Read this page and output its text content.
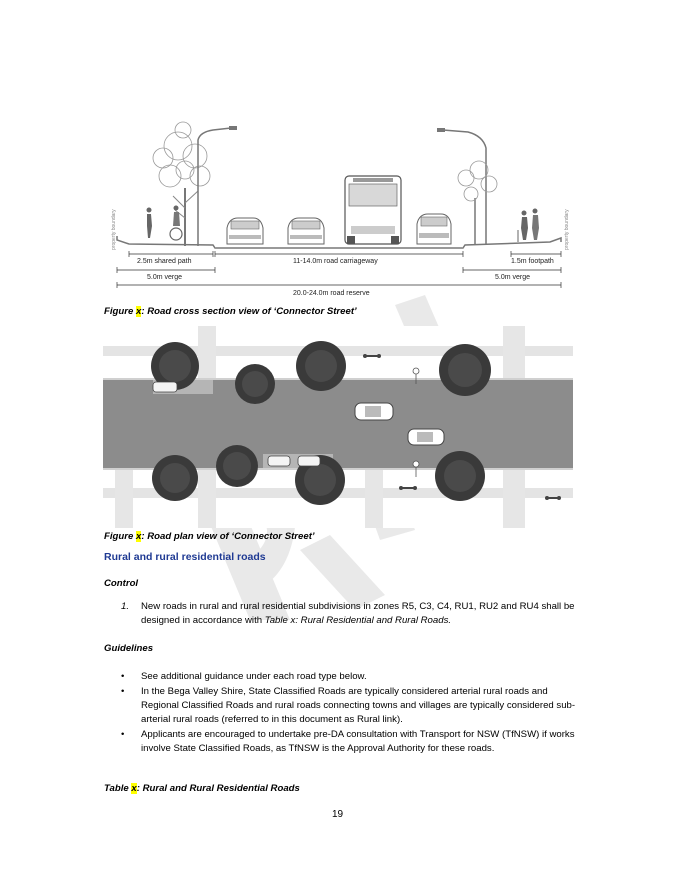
property boundary	property boundary
2.5m shared path	11-14.0m road carriageway	1.5m footpath
5.0m verge	5.0m verge
20.0-24.0m road reserve
Figure x: Road cross section view of ‘Connector Street’
Figure x: Road plan view of ‘Connector Street’
Rural and rural residential roads
Control
1. New roads in rural and rural residential subdivisions in zones R5, C3, C4, RU1, RU2 and RU4 shall be designed in accordance with Table x: Rural Residential and Rural Roads.
Guidelines
• See additional guidance under each road type below.
• In the Bega Valley Shire, State Classified Roads are typically considered arterial rural roads and Regional Classified Roads and rural roads connecting towns and villages are typically considered sub-arterial rural roads (referred to in this document as Rural link).
• Applicants are encouraged to undertake pre-DA consultation with Transport for NSW (TfNSW) if works involve State Classified Roads, as TfNSW is the Approval Authority for these roads.
Table x: Rural and Rural Residential Roads
19
